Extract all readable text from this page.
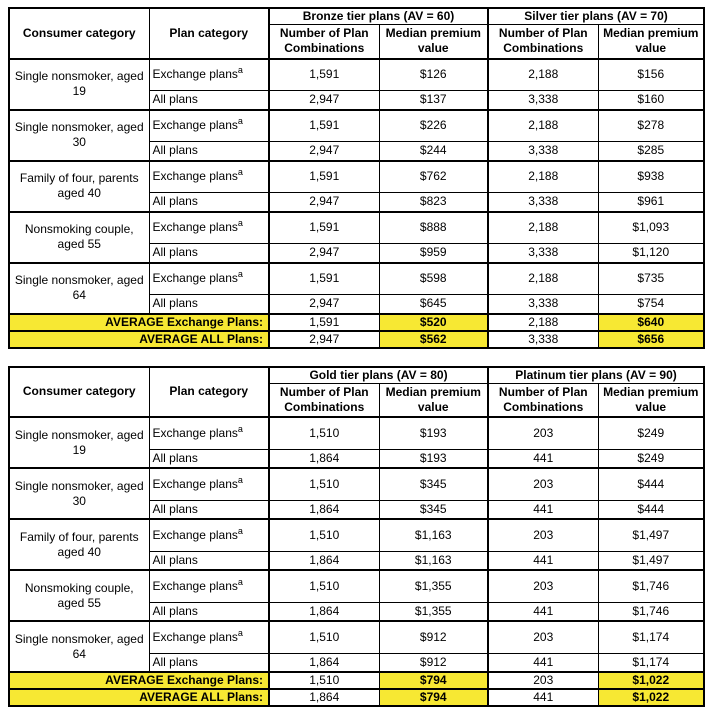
Consumer category	Plan category	Bronze tier plans (AV = 60)		Silver tier plans (AV = 70)	
		Number of Plan Combinations	Median premium value	Number of Plan Combinations	Median premium value
Single nonsmoker, aged 19	Exchange plans$^a$	1,591	$126	2,188	$156
	All plans	2,947	$137	3,338	$160
Single nonsmoker, aged 30	Exchange plans$^a$	1,591	$226	2,188	$278
	All plans	2,947	$244	3,338	$285
Family of four, parents aged 40	Exchange plans$^a$	1,591	$762	2,188	$938
	All plans	2,947	$823	3,338	$961
Nonsmoking couple, aged 55	Exchange plans$^a$	1,591	$888	2,188	$1,093
	All plans	2,947	$959	3,338	$1,120
Single nonsmoker, aged 64	Exchange plans$^a$	1,591	$598	2,188	$735
	All plans	2,947	$645	3,338	$754
AVERAGE Exchange Plans:		1,591	$520	2,188	$640
AVERAGE ALL Plans:		2,947	$562	3,338	$656
Consumer category	Plan category	Gold tier plans (AV = 80)		Platinum tier plans (AV = 90)	
		Number of Plan Combinations	Median premium value	Number of Plan Combinations	Median premium value
Single nonsmoker, aged 19	Exchange plans$^a$	1,510	$193	203	$249
	All plans	1,864	$193	441	$249
Single nonsmoker, aged 30	Exchange plans$^a$	1,510	$345	203	$444
	All plans	1,864	$345	441	$444
Family of four, parents aged 40	Exchange plans$^a$	1,510	$1,163	203	$1,497
	All plans	1,864	$1,163	441	$1,497
Nonsmoking couple, aged 55	Exchange plans$^a$	1,510	$1,355	203	$1,746
	All plans	1,864	$1,355	441	$1,746
Single nonsmoker, aged 64	Exchange plans$^a$	1,510	$912	203	$1,174
	All plans	1,864	$912	441	$1,174
AVERAGE Exchange Plans:		1,510	$794	203	$1,022
AVERAGE ALL Plans:		1,864	$794	441	$1,022
